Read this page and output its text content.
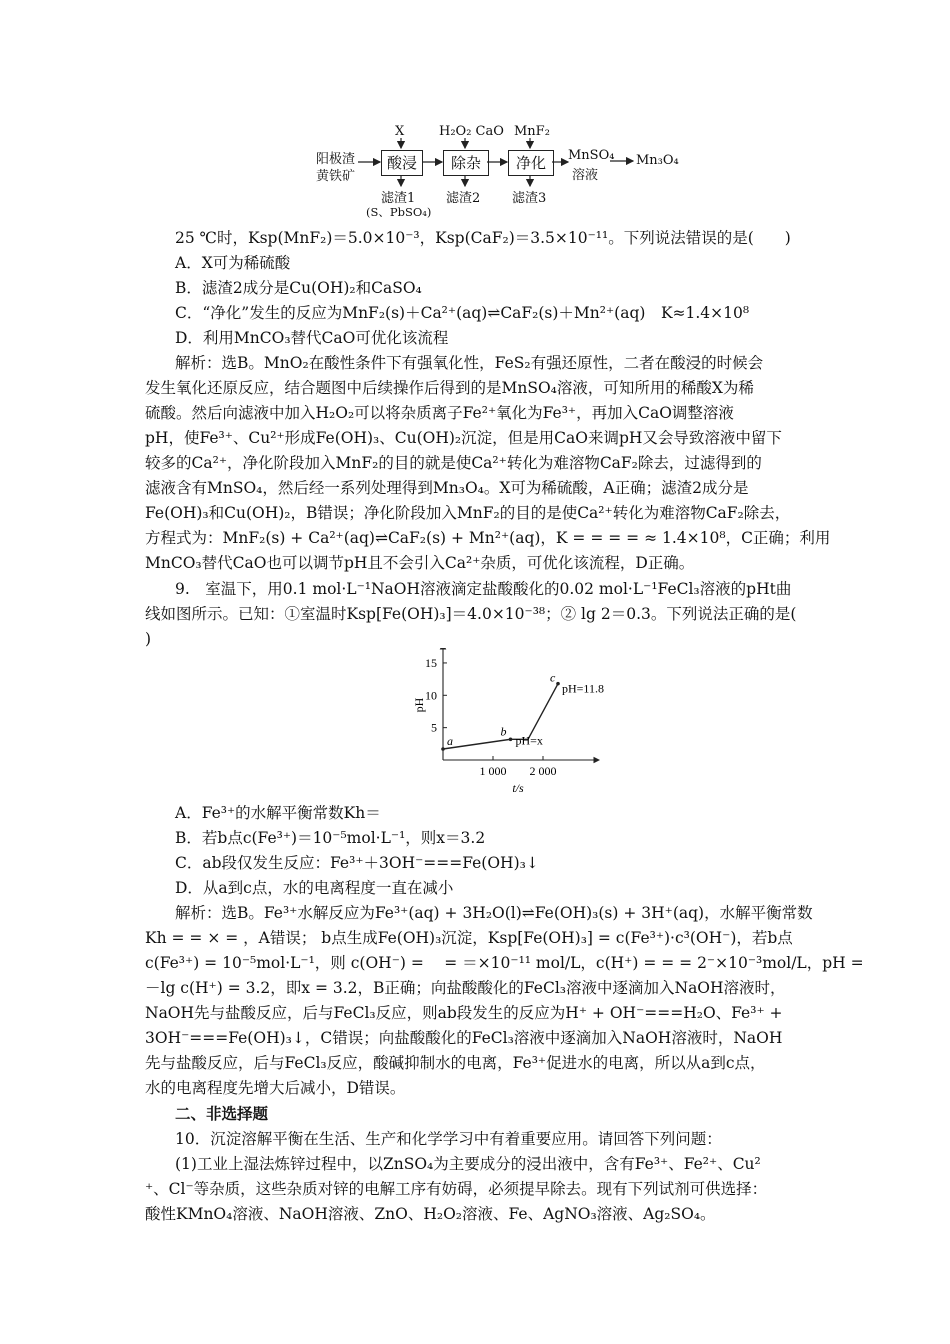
阳极渣
黄铁矿
酸浸	除杂	净化
X	H₂O₂ CaO MnF₂
滤渣1
(S、PbSO₄)
滤渣2 滤渣3
MnSO₄
溶液
Mn₃O₄
25 ℃时，Ksp(MnF₂)＝5.0×10⁻³，Ksp(CaF₂)＝3.5×10⁻¹¹。下列说法错误的是(　　)
A．X可为稀硫酸
B．滤渣2成分是Cu(OH)₂和CaSO₄
C．“净化”发生的反应为MnF₂(s)＋Ca²⁺(aq)⇌CaF₂(s)＋Mn²⁺(aq)　K≈1.4×10⁸
D．利用MnCO₃替代CaO可优化该流程
解析：选B。MnO₂在酸性条件下有强氧化性，FeS₂有强还原性，二者在酸浸的时候会
发生氧化还原反应，结合题图中后续操作后得到的是MnSO₄溶液，可知所用的稀酸X为稀
硫酸。然后向滤液中加入H₂O₂可以将杂质离子Fe²⁺氧化为Fe³⁺，再加入CaO调整溶液
pH，使Fe³⁺、Cu²⁺形成Fe(OH)₃、Cu(OH)₂沉淀，但是用CaO来调pH又会导致溶液中留下
较多的Ca²⁺，净化阶段加入MnF₂的目的就是使Ca²⁺转化为难溶物CaF₂除去，过滤得到的
滤液含有MnSO₄，然后经一系列处理得到Mn₃O₄。X可为稀硫酸，A正确；滤渣2成分是
Fe(OH)₃和Cu(OH)₂，B错误；净化阶段加入MnF₂的目的是使Ca²⁺转化为难溶物CaF₂除去，
方程式为：MnF₂(s) + Ca²⁺(aq)⇌CaF₂(s) + Mn²⁺(aq)，K = = = = ≈ 1.4×10⁸，C正确；利用
MnCO₃替代CaO也可以调节pH且不会引入Ca²⁺杂质，可优化该流程，D正确。
9.　室温下，用0.1 mol·L⁻¹NaOH溶液滴定盐酸酸化的0.02 mol·L⁻¹FeCl₃溶液的pHt曲
线如图所示。已知：①室温时Ksp[Fe(OH)₃]＝4.0×10⁻³⁸；② lg 2＝0.3。下列说法正确的是(
)
5
10
15
1 000 2 000
t/s
pH
a
b
c
pH=11.8
pH=x
A．Fe³⁺的水解平衡常数Kh＝
B．若b点c(Fe³⁺)＝10⁻⁵mol·L⁻¹，则x＝3.2
C．ab段仅发生反应：Fe³⁺＋3OH⁻===Fe(OH)₃↓
D．从a到c点，水的电离程度一直在减小
解析：选B。Fe³⁺水解反应为Fe³⁺(aq) + 3H₂O(l)⇌Fe(OH)₃(s) + 3H⁺(aq)，水解平衡常数
Kh = = × = ，A错误； b点生成Fe(OH)₃沉淀，Ksp[Fe(OH)₃] = c(Fe³⁺)·c³(OH⁻)，若b点
c(Fe³⁺) = 10⁻⁵mol·L⁻¹，则 c(OH⁻) = 　= ＝×10⁻¹¹ mol/L，c(H⁺) = = = 2⁻×10⁻³mol/L，pH =
－lg c(H⁺) = 3.2，即x = 3.2，B正确；向盐酸酸化的FeCl₃溶液中逐滴加入NaOH溶液时，
NaOH先与盐酸反应，后与FeCl₃反应，则ab段发生的反应为H⁺ + OH⁻===H₂O、Fe³⁺ +
3OH⁻===Fe(OH)₃↓，C错误；向盐酸酸化的FeCl₃溶液中逐滴加入NaOH溶液时，NaOH
先与盐酸反应，后与FeCl₃反应，酸碱抑制水的电离，Fe³⁺促进水的电离，所以从a到c点，
水的电离程度先增大后减小，D错误。
二、非选择题
10．沉淀溶解平衡在生活、生产和化学学习中有着重要应用。请回答下列问题：
(1)工业上湿法炼锌过程中，以ZnSO₄为主要成分的浸出液中，含有Fe³⁺、Fe²⁺、Cu²
⁺、Cl⁻等杂质，这些杂质对锌的电解工序有妨碍，必须提早除去。现有下列试剂可供选择：
酸性KMnO₄溶液、NaOH溶液、ZnO、H₂O₂溶液、Fe、AgNO₃溶液、Ag₂SO₄。
